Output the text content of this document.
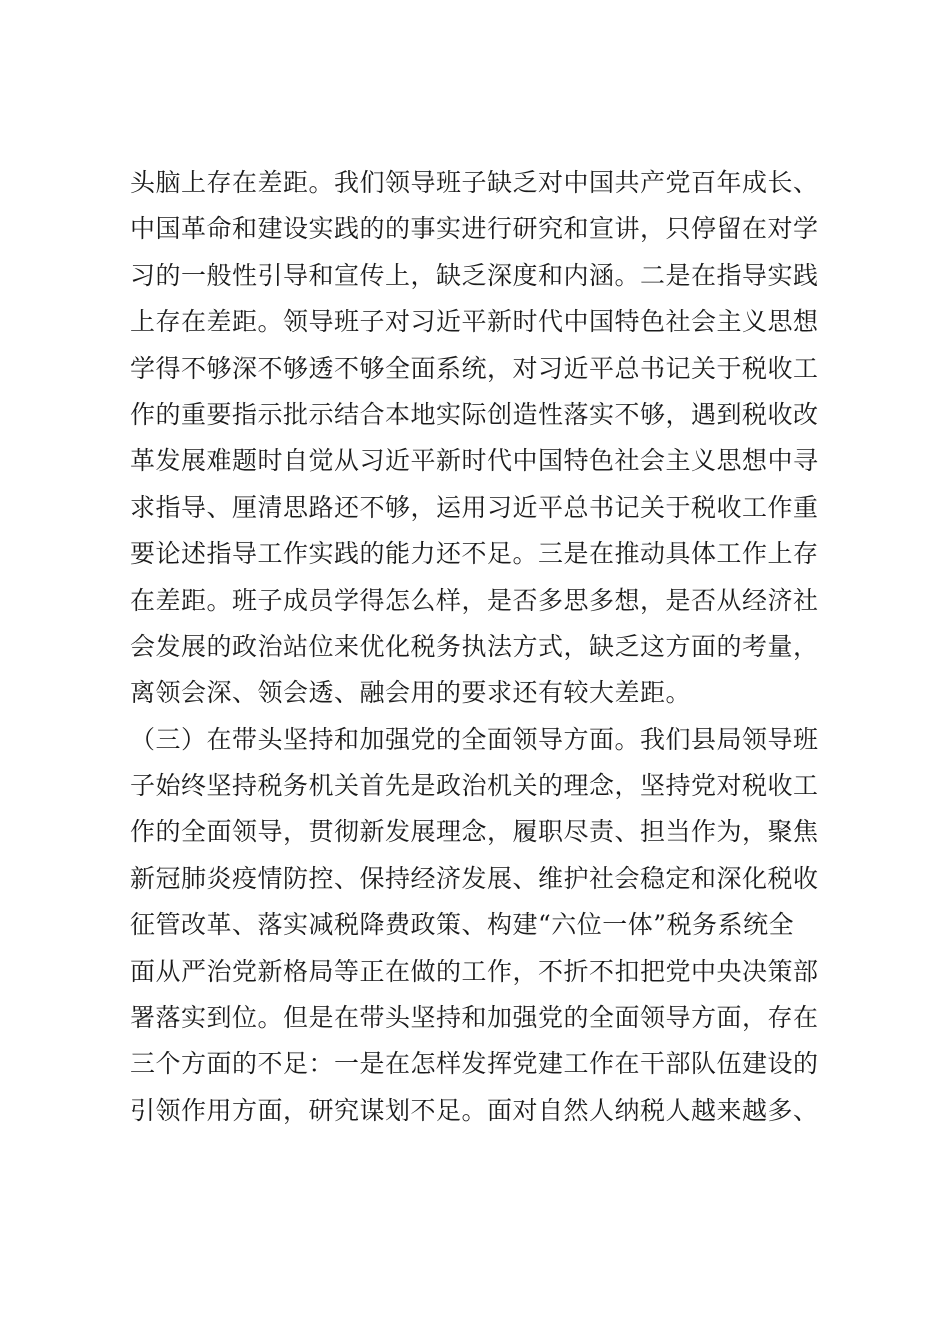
头脑上存在差距。我们领导班子缺乏对中国共产党百年成长、
中国革命和建设实践的的事实进行研究和宣讲，只停留在对学
习的一般性引导和宣传上，缺乏深度和内涵。二是在指导实践
上存在差距。领导班子对习近平新时代中国特色社会主义思想
学得不够深不够透不够全面系统，对习近平总书记关于税收工
作的重要指示批示结合本地实际创造性落实不够，遇到税收改
革发展难题时自觉从习近平新时代中国特色社会主义思想中寻
求指导、厘清思路还不够，运用习近平总书记关于税收工作重
要论述指导工作实践的能力还不足。三是在推动具体工作上存
在差距。班子成员学得怎么样，是否多思多想，是否从经济社
会发展的政治站位来优化税务执法方式，缺乏这方面的考量，
离领会深、领会透、融会用的要求还有较大差距。
（三）在带头坚持和加强党的全面领导方面。我们县局领导班
子始终坚持税务机关首先是政治机关的理念，坚持党对税收工
作的全面领导，贯彻新发展理念，履职尽责、担当作为，聚焦
新冠肺炎疫情防控、保持经济发展、维护社会稳定和深化税收
征管改革、落实减税降费政策、构建“六位一体”税务系统全
面从严治党新格局等正在做的工作，不折不扣把党中央决策部
署落实到位。但是在带头坚持和加强党的全面领导方面，存在
三个方面的不足：一是在怎样发挥党建工作在干部队伍建设的
引领作用方面，研究谋划不足。面对自然人纳税人越来越多、
